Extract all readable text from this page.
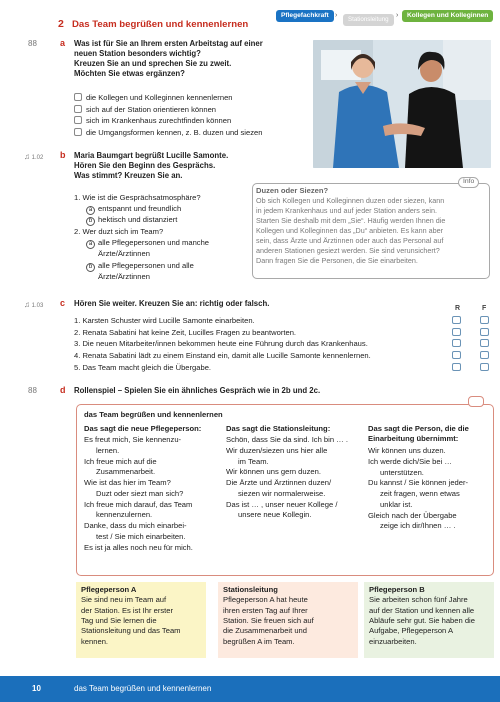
2 Das Team begrüßen und kennenlernen
Pflegefachkraft ›
Stationsleitung
›	Kollegen und Kolleginnen
88	a Was ist für Sie an Ihrem ersten Arbeitstag auf einer
neuen Station besonders wichtig?
Kreuzen Sie an und sprechen Sie zu zweit.
Möchten Sie etwas ergänzen?
die Kollegen und Kolleginnen kennenlernen
sich auf der Station orientieren können
sich im Krankenhaus zurechtfinden können
die Umgangsformen kennen, z. B. duzen und siezen
♫ 1.02 b Maria Baumgart begrüßt Lucille Samonte.
Hören Sie den Beginn des Gesprächs.
Was stimmt? Kreuzen Sie an.
1. Wie ist die Gesprächsatmosphäre?
a entspannt und freundlich
b hektisch und distanziert
2. Wer duzt sich im Team?
a alle Pflegepersonen und manche
Ärzte/Ärztinnen
b alle Pflegepersonen und alle
Ärzte/Ärztinnen
Info
Duzen oder Siezen?
Ob sich Kollegen und Kolleginnen duzen oder siezen, kann
in jedem Krankenhaus und auf jeder Station anders sein.
Starten Sie deshalb mit dem „Sie“. Häufig werden Ihnen die
Kollegen und Kolleginnen das „Du“ anbieten. Es kann aber
sein, dass Ärzte und Ärztinnen oder auch das Personal auf
anderen Stationen gesiezt werden. Sie sind verunsichert?
Dann fragen Sie die Personen, die Sie einarbeiten.
♫ 1.03 c Hören Sie weiter. Kreuzen Sie an: richtig oder falsch.
R	F
1. Karsten Schuster wird Lucille Samonte einarbeiten.
2. Renata Sabatini hat keine Zeit, Lucilles Fragen zu beantworten.
3. Die neuen Mitarbeiter/innen bekommen heute eine Führung durch das Krankenhaus.
4. Renata Sabatini lädt zu einem Einstand ein, damit alle Lucille Samonte kennenlernen.
5. Das Team macht gleich die Übergabe.
88	d Rollenspiel – Spielen Sie ein ähnliches Gespräch wie in 2b und 2c.
das Team begrüßen und kennenlernen
Das sagt die neue Pflegeperson:
Es freut mich, Sie kennenzu-
lernen.
Ich freue mich auf die
Zusammenarbeit.
Wie ist das hier im Team?
Duzt oder siezt man sich?
Ich freue mich darauf, das Team
kennenzulernen.
Danke, dass du mich einarbei-
test / Sie mich einarbeiten.
Es ist ja alles noch neu für mich.
Das sagt die Stationsleitung:
Schön, dass Sie da sind. Ich bin … .
Wir duzen/siezen uns hier alle
im Team.
Wir können uns gern duzen.
Die Ärzte und Ärztinnen duzen/
siezen wir normalerweise.
Das ist … , unser neuer Kollege /
unsere neue Kollegin.
Das sagt die Person, die die
Einarbeitung übernimmt:
Wir können uns duzen.
Ich werde dich/Sie bei …
unterstützen.
Du kannst / Sie können jeder-
zeit fragen, wenn etwas
unklar ist.
Gleich nach der Übergabe
zeige ich dir/Ihnen … .
Pflegeperson A
Sie sind neu im Team auf
der Station. Es ist Ihr erster
Tag und Sie lernen die
Stationsleitung und das Team
kennen.
Stationsleitung
Pflegeperson A hat heute
ihren ersten Tag auf Ihrer
Station. Sie freuen sich auf
die Zusammenarbeit und
begrüßen A im Team.
Pflegeperson B
Sie arbeiten schon fünf Jahre
auf der Station und kennen alle
Abläufe sehr gut. Sie haben die
Aufgabe, Pflegeperson A
einzuarbeiten.
10	das Team begrüßen und kennenlernen
